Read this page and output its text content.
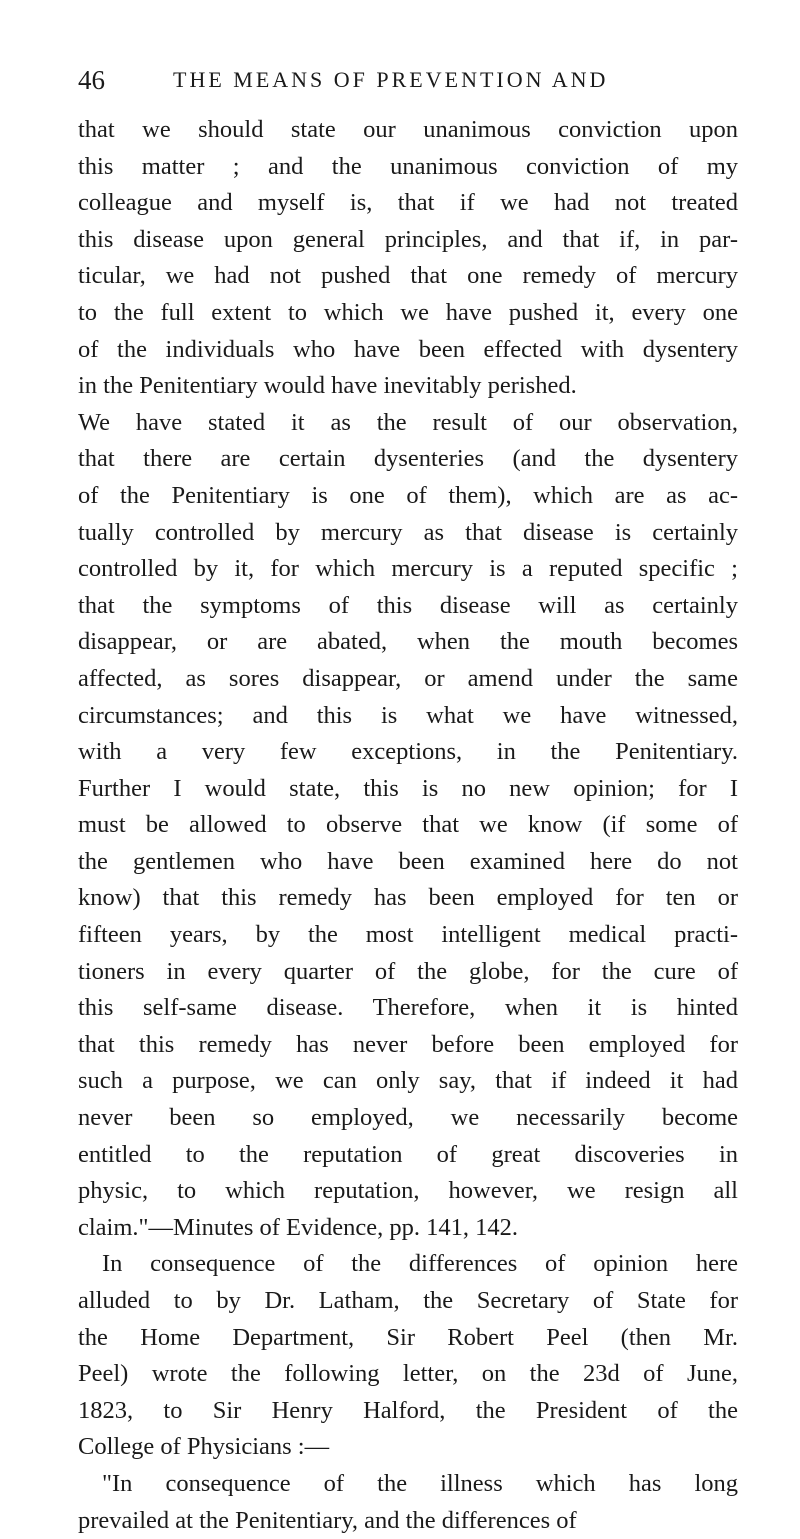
46	THE MEANS OF PREVENTION AND
that we should state our unanimous conviction upon
this matter ; and the unanimous conviction of my
colleague and myself is, that if we had not treated
this disease upon general principles, and that if, in par-
ticular, we had not pushed that one remedy of mercury
to the full extent to which we have pushed it, every one
of the individuals who have been effected with dysentery
in the Penitentiary would have inevitably perished.
We have stated it as the result of our observation,
that there are certain dysenteries (and the dysentery
of the Penitentiary is one of them), which are as ac-
tually controlled by mercury as that disease is certainly
controlled by it, for which mercury is a reputed specific ;
that the symptoms of this disease will as certainly
disappear, or are abated, when the mouth becomes
affected, as sores disappear, or amend under the same
circumstances; and this is what we have witnessed,
with a very few exceptions, in the Penitentiary.
Further I would state, this is no new opinion; for I
must be allowed to observe that we know (if some of
the gentlemen who have been examined here do not
know) that this remedy has been employed for ten or
fifteen years, by the most intelligent medical practi-
tioners in every quarter of the globe, for the cure of
this self-same disease. Therefore, when it is hinted
that this remedy has never before been employed for
such a purpose, we can only say, that if indeed it had
never been so employed, we necessarily become
entitled to the reputation of great discoveries in
physic, to which reputation, however, we resign all
claim."—Minutes of Evidence, pp. 141, 142.
In consequence of the differences of opinion here
alluded to by Dr. Latham, the Secretary of State for
the Home Department, Sir Robert Peel (then Mr.
Peel) wrote the following letter, on the 23d of June,
1823, to Sir Henry Halford, the President of the
College of Physicians :—
"In consequence of the illness which has long
prevailed at the Penitentiary, and the differences of
